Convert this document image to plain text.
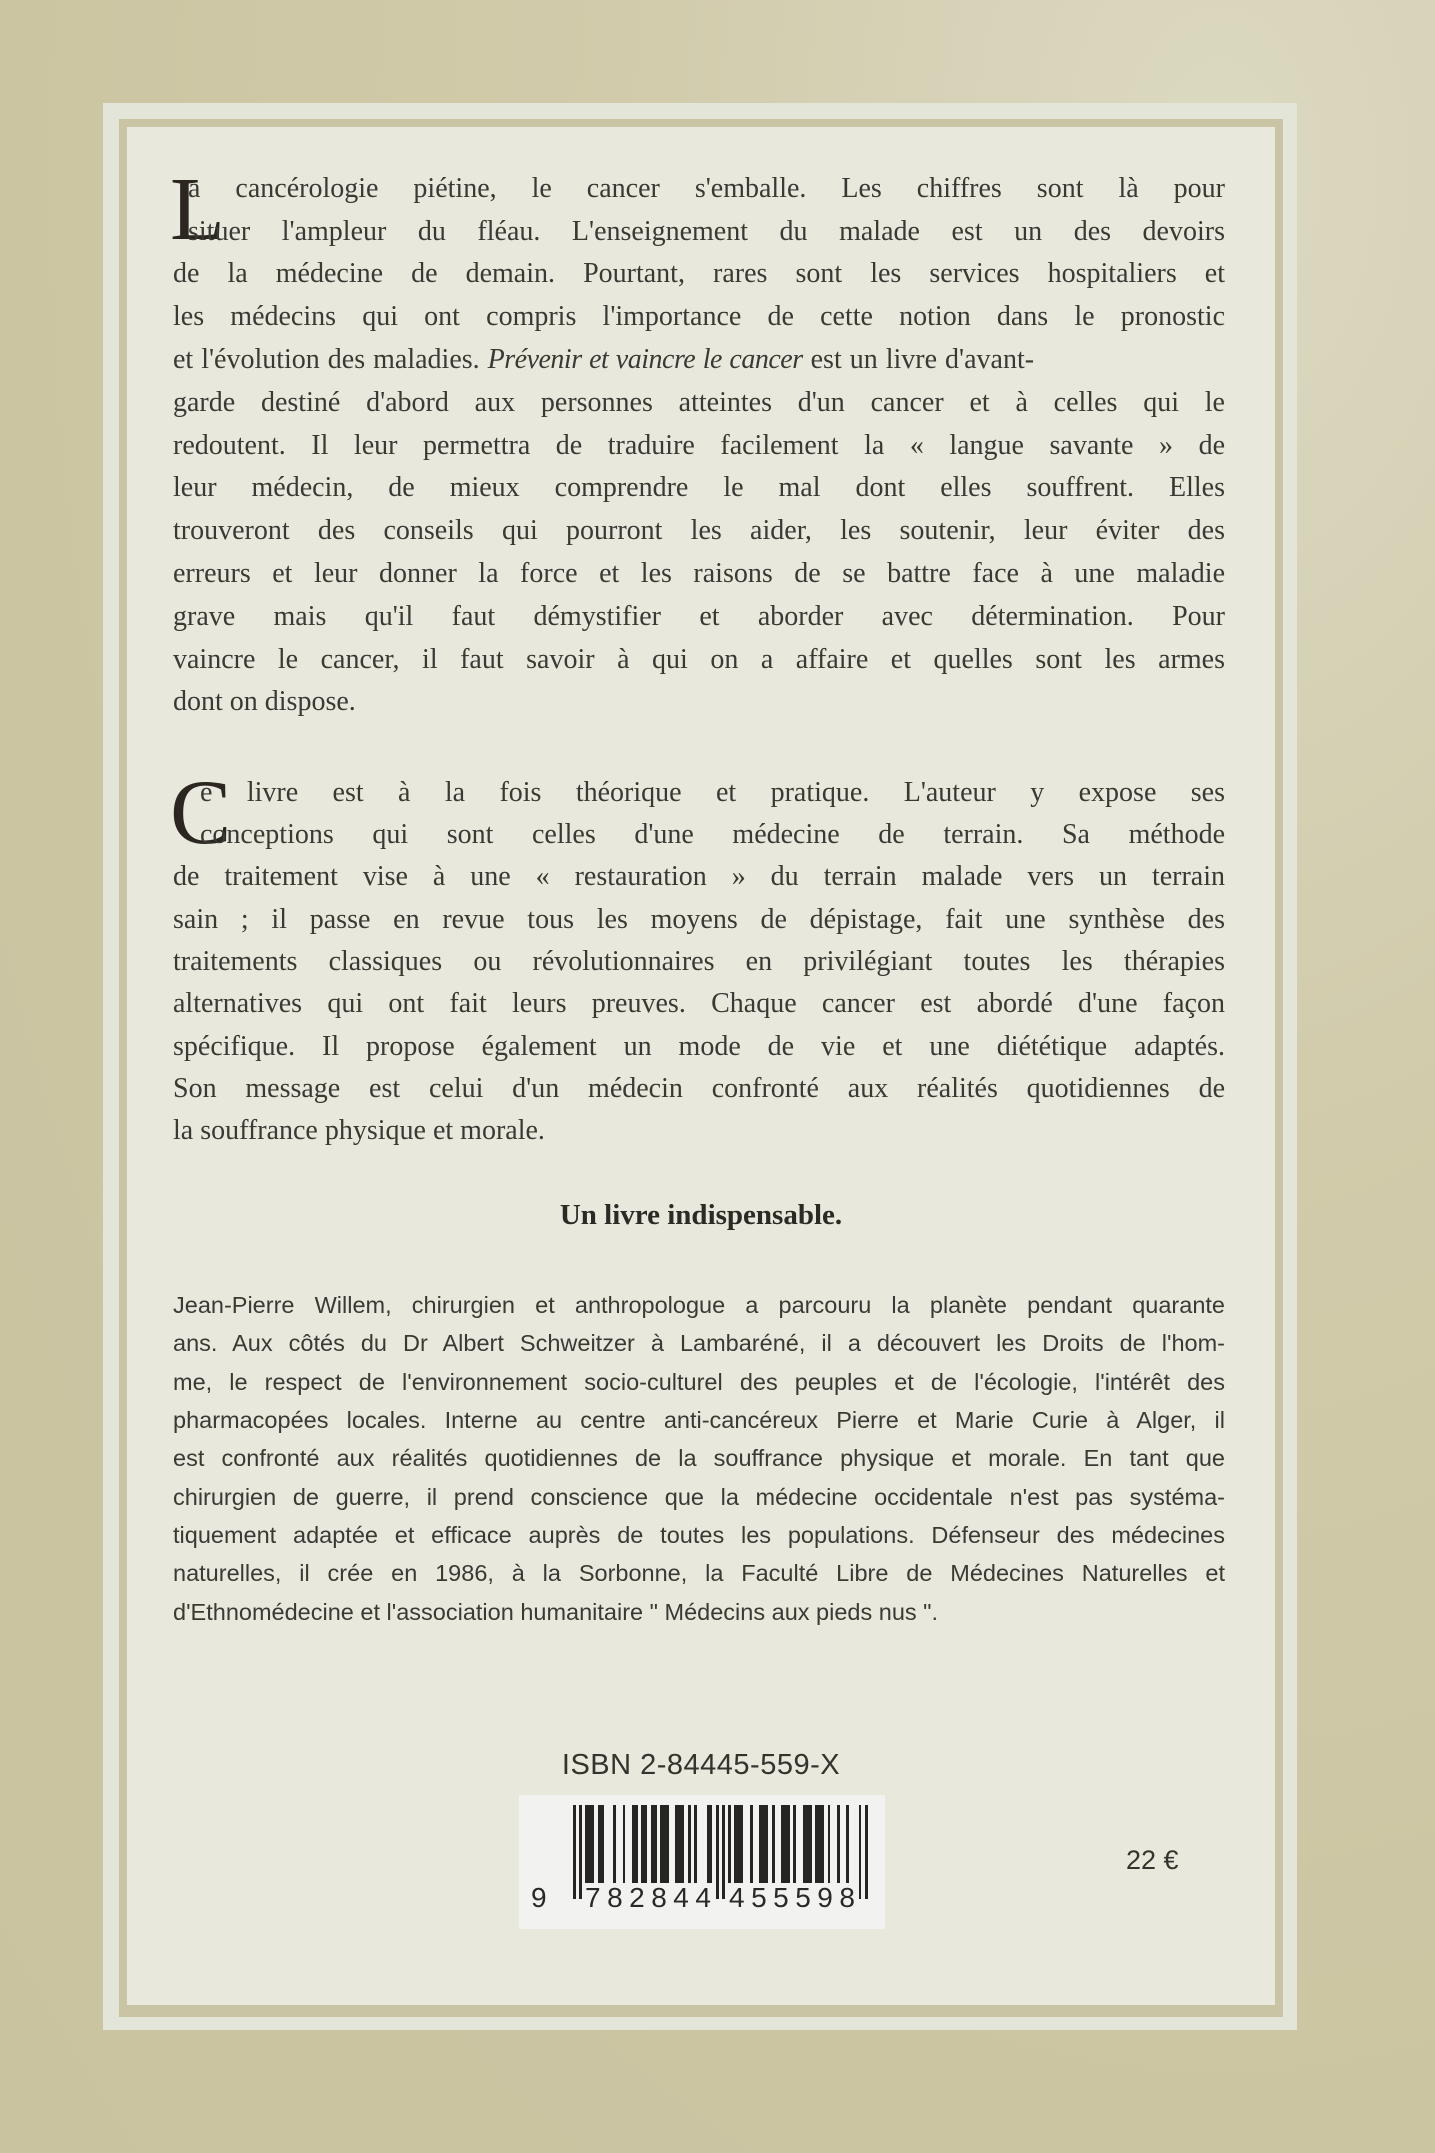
L
a cancérologie piétine, le cancer s'emballe. Les chiffres sont là pour
situer l'ampleur du fléau. L'enseignement du malade est un des devoirs
de la médecine de demain. Pourtant, rares sont les services hospitaliers et
les médecins qui ont compris l'importance de cette notion dans le pronostic
et l'évolution des maladies. Prévenir et vaincre le cancer est un livre d'avant-
garde destiné d'abord aux personnes atteintes d'un cancer et à celles qui le
redoutent. Il leur permettra de traduire facilement la « langue savante » de
leur médecin, de mieux comprendre le mal dont elles souffrent. Elles
trouveront des conseils qui pourront les aider, les soutenir, leur éviter des
erreurs et leur donner la force et les raisons de se battre face à une maladie
grave mais qu'il faut démystifier et aborder avec détermination. Pour
vaincre le cancer, il faut savoir à qui on a affaire et quelles sont les armes
dont on dispose.
C
e livre est à la fois théorique et pratique. L'auteur y expose ses
conceptions qui sont celles d'une médecine de terrain. Sa méthode
de traitement vise à une « restauration » du terrain malade vers un terrain
sain ; il passe en revue tous les moyens de dépistage, fait une synthèse des
traitements classiques ou révolutionnaires en privilégiant toutes les thérapies
alternatives qui ont fait leurs preuves. Chaque cancer est abordé d'une façon
spécifique. Il propose également un mode de vie et une diététique adaptés.
Son message est celui d'un médecin confronté aux réalités quotidiennes de
la souffrance physique et morale.
Un livre indispensable.
Jean-Pierre Willem, chirurgien et anthropologue a parcouru la planète pendant quarante
ans. Aux côtés du Dr Albert Schweitzer à Lambaréné, il a découvert les Droits de l'hom-
me, le respect de l'environnement socio-culturel des peuples et de l'écologie, l'intérêt des
pharmacopées locales. Interne au centre anti-cancéreux Pierre et Marie Curie à Alger, il
est confronté aux réalités quotidiennes de la souffrance physique et morale. En tant que
chirurgien de guerre, il prend conscience que la médecine occidentale n'est pas systéma-
tiquement adaptée et efficace auprès de toutes les populations. Défenseur des médecines
naturelles, il crée en 1986, à la Sorbonne, la Faculté Libre de Médecines Naturelles et
d'Ethnomédecine et l'association humanitaire " Médecins aux pieds nus ".
ISBN 2-84445-559-X
9 782844 455598
22 €
